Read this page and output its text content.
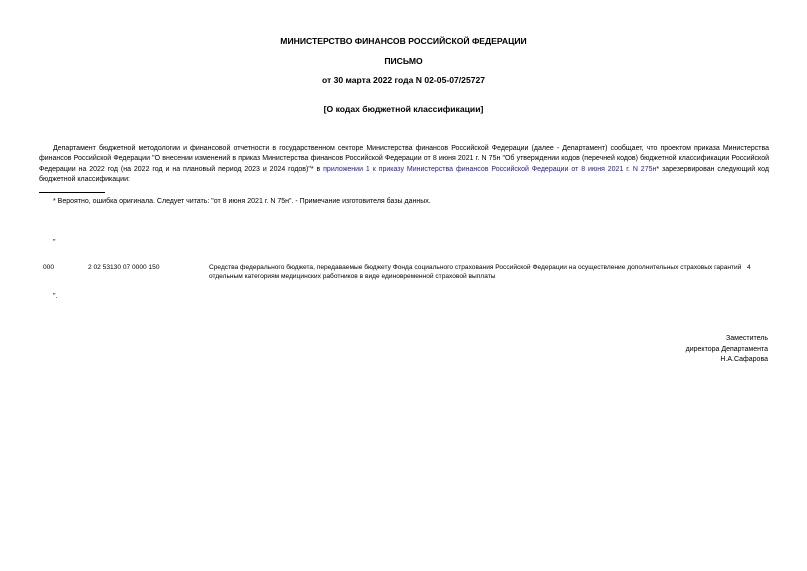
МИНИСТЕРСТВО ФИНАНСОВ РОССИЙСКОЙ ФЕДЕРАЦИИ
ПИСЬМО
от 30 марта 2022 года N 02-05-07/25727
[О кодах бюджетной классификации]

Департамент бюджетной методологии и финансовой отчетности в государственном секторе Министерства финансов Российской Федерации (далее - Департамент) сообщает, что проектом приказа Министерства финансов Российской Федерации "О внесении изменений в приказ Министерства финансов Российской Федерации от 8 июня 2021 г. N 75н "Об утверждении кодов (перечней кодов) бюджетной классификации Российской Федерации на 2022 год (на 2022 год и на плановый период 2023 и 2024 годов)"* в приложении 1 к приказу Министерства финансов Российской Федерации от 8 июня 2021 г. N 275н* зарезервирован следующий код бюджетной классификации:

* Вероятно, ошибка оригинала. Следует читать: "от 8 июня 2021 г. N 75н". - Примечание изготовителя базы данных.
"
000	2 02 53130 07 0000 150	Средства федерального бюджета, передаваемые бюджету Фонда социального страхования Российской Федерации на осуществление дополнительных страховых гарантий отдельным категориям медицинских работников в виде единовременной страховой выплаты
4
".
Заместитель
директора Департамента
Н.А.Сафарова
